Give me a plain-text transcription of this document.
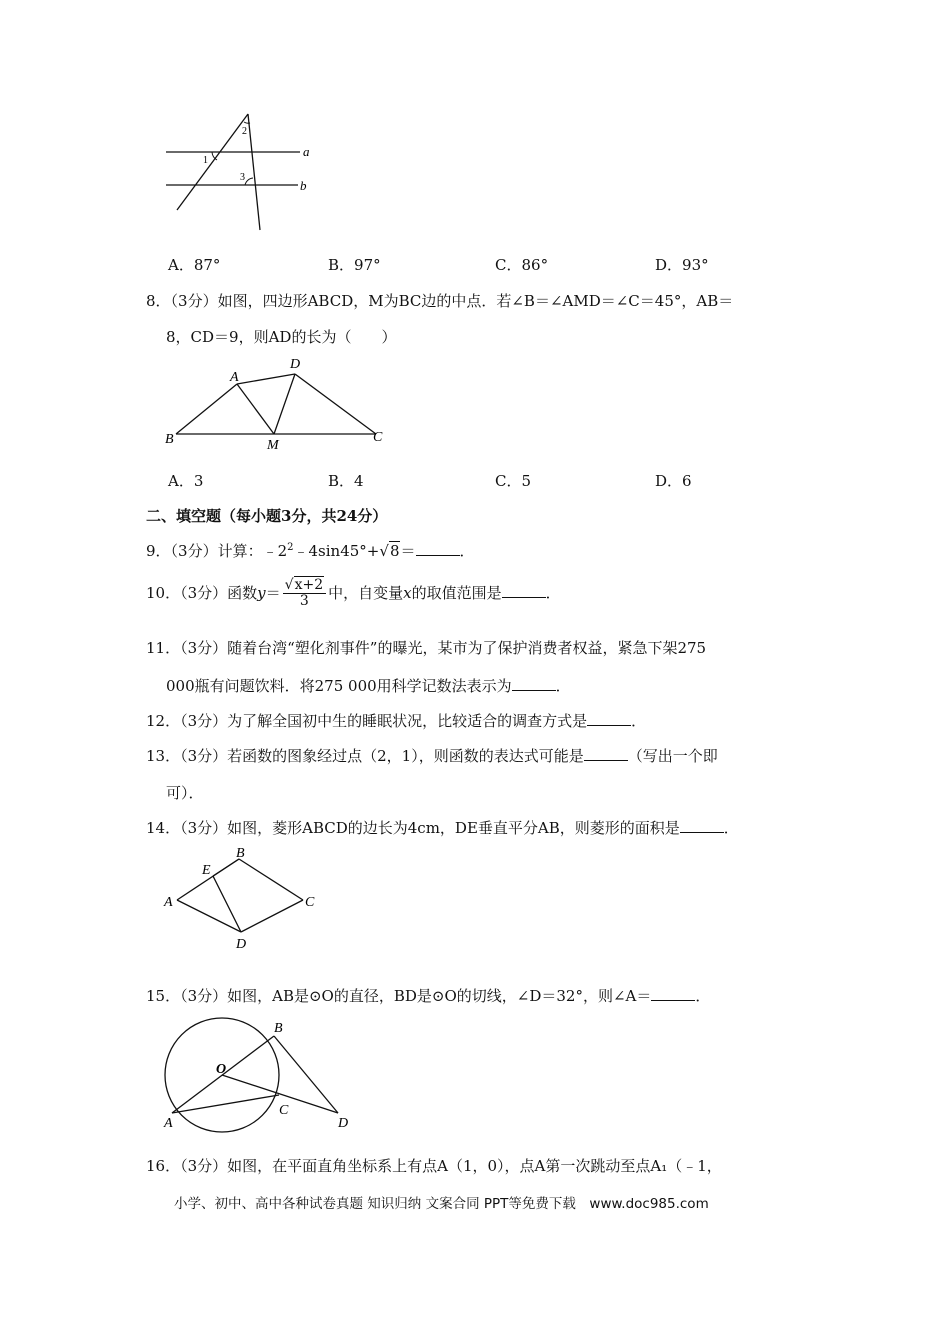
a
b
1
2
3
A．87°	B．97°	C．86°	D．93°
8．（3分）如图，四边形ABCD，M为BC边的中点．若∠B＝∠AMD＝∠C＝45°，AB＝
8，CD＝9，则AD的长为（　　）
A
D
B	M
C
A．3	B．4	C．5	D．6
二、填空题（每小题3分，共24分）
9．（3分）计算：$﹣2^2﹣4\sin 45^\circ+√8=$	．
10．（3分）函数$y= \frac{√x+2}{3}$ 中，自变量x的取值范围是	．
11．（3分）随着台湾“塑化剂事件”的曝光，某市为了保护消费者权益，紧急下架275
000瓶有问题饮料．将275 000用科学记数法表示为	．
12．（3分）为了解全国初中生的睡眠状况，比较适合的调查方式是	．
13．（3分）若函数的图象经过点（2，1），则函数的表达式可能是	（写出一个即
可）．
14．（3分）如图，菱形ABCD的边长为4cm，DE垂直平分AB，则菱形的面积是	．
A
E
B
C
D
15．（3分）如图，AB是⊙O的直径，BD是⊙O的切线，∠D＝32°，则∠A＝	．
O
B
C
A	D
16．（3分）如图，在平面直角坐标系上有点A（1，0），点A第一次跳动至点A₁（﹣1，
小学、初中、高中各种试卷真题 知识归纳 文案合同 PPT等免费下载　www.doc985.com
